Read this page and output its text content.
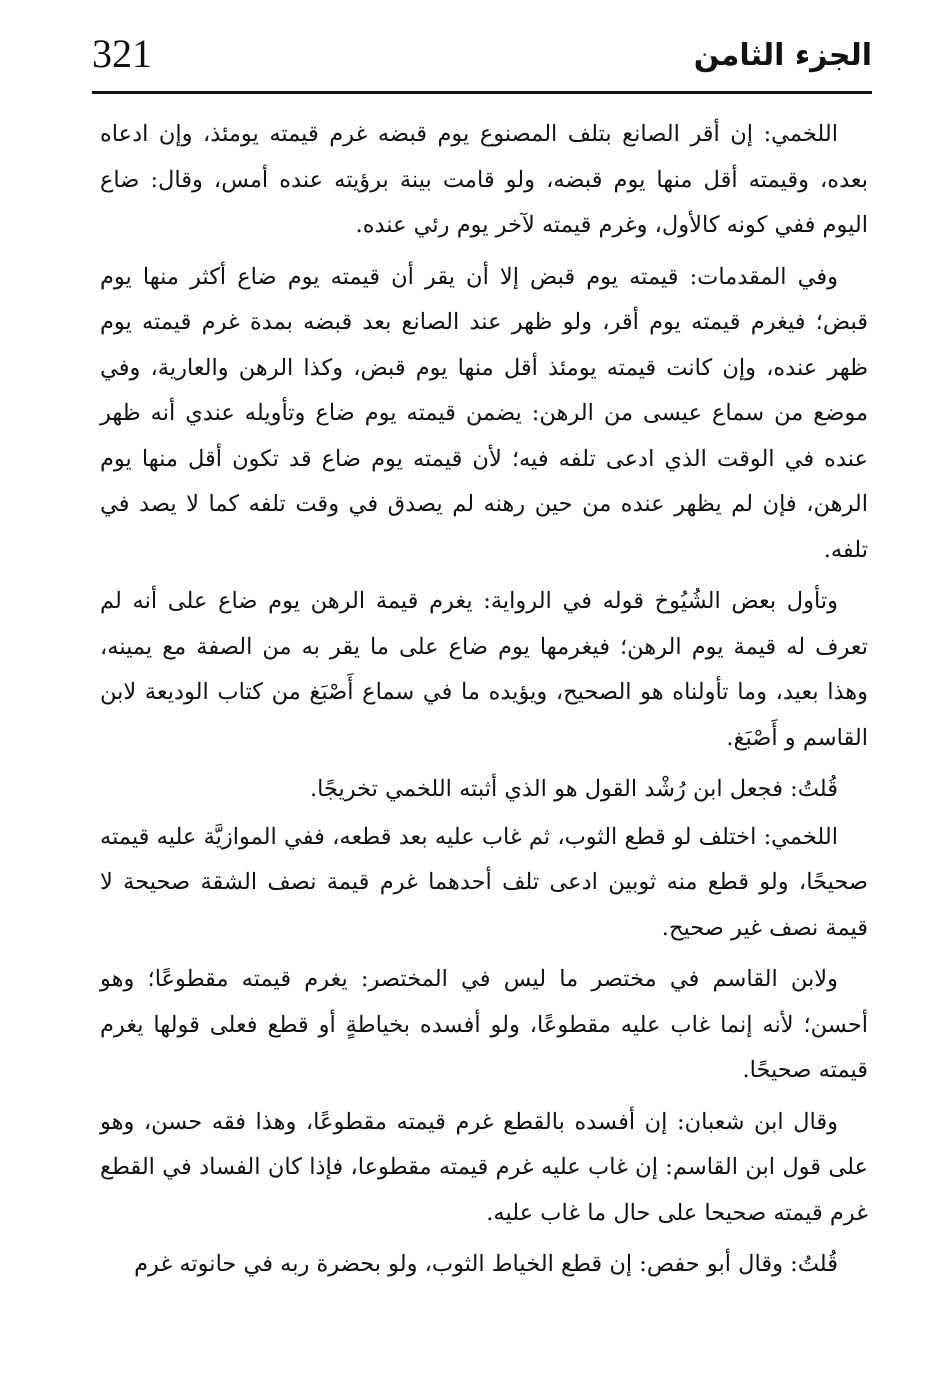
321	الجزء الثامن

اللخمي: إن أقر الصانع بتلف المصنوع يوم قبضه غرم قيمته يومئذ، وإن ادعاه بعده، وقيمته أقل منها يوم قبضه، ولو قامت بينة برؤيته عنده أمس، وقال: ضاع اليوم ففي كونه كالأول، وغرم قيمته لآخر يوم رئي عنده.

وفي المقدمات: قيمته يوم قبض إلا أن يقر أن قيمته يوم ضاع أكثر منها يوم قبض؛ فيغرم قيمته يوم أقر، ولو ظهر عند الصانع بعد قبضه بمدة غرم قيمته يوم ظهر عنده، وإن كانت قيمته يومئذ أقل منها يوم قبض، وكذا الرهن والعارية، وفي موضع من سماع عيسى من الرهن: يضمن قيمته يوم ضاع وتأويله عندي أنه ظهر عنده في الوقت الذي ادعى تلفه فيه؛ لأن قيمته يوم ضاع قد تكون أقل منها يوم الرهن، فإن لم يظهر عنده من حين رهنه لم يصدق في وقت تلفه كما لا يصد في تلفه.

وتأول بعض الشُيُوخ قوله في الرواية: يغرم قيمة الرهن يوم ضاع على أنه لم تعرف له قيمة يوم الرهن؛ فيغرمها يوم ضاع على ما يقر به من الصفة مع يمينه، وهذا بعيد، وما تأولناه هو الصحيح، ويؤيده ما في سماع أَصْبَغ من كتاب الوديعة لابن القاسم و أَصْبَغ.

قُلتُ: فجعل ابن رُشْد القول هو الذي أثبته اللخمي تخريجًا.

اللخمي: اختلف لو قطع الثوب، ثم غاب عليه بعد قطعه، ففي الموازيَّة عليه قيمته صحيحًا، ولو قطع منه ثوبين ادعى تلف أحدهما غرم قيمة نصف الشقة صحيحة لا قيمة نصف غير صحيح.

ولابن القاسم في مختصر ما ليس في المختصر: يغرم قيمته مقطوعًا؛ وهو أحسن؛ لأنه إنما غاب عليه مقطوعًا، ولو أفسده بخياطةٍ أو قطع فعلى قولها يغرم قيمته صحيحًا.

وقال ابن شعبان: إن أفسده بالقطع غرم قيمته مقطوعًا، وهذا فقه حسن، وهو على قول ابن القاسم: إن غاب عليه غرم قيمته مقطوعا، فإذا كان الفساد في القطع غرم قيمته صحيحا على حال ما غاب عليه.

قُلتُ: وقال أبو حفص: إن قطع الخياط الثوب، ولو بحضرة ربه في حانوته غرم
